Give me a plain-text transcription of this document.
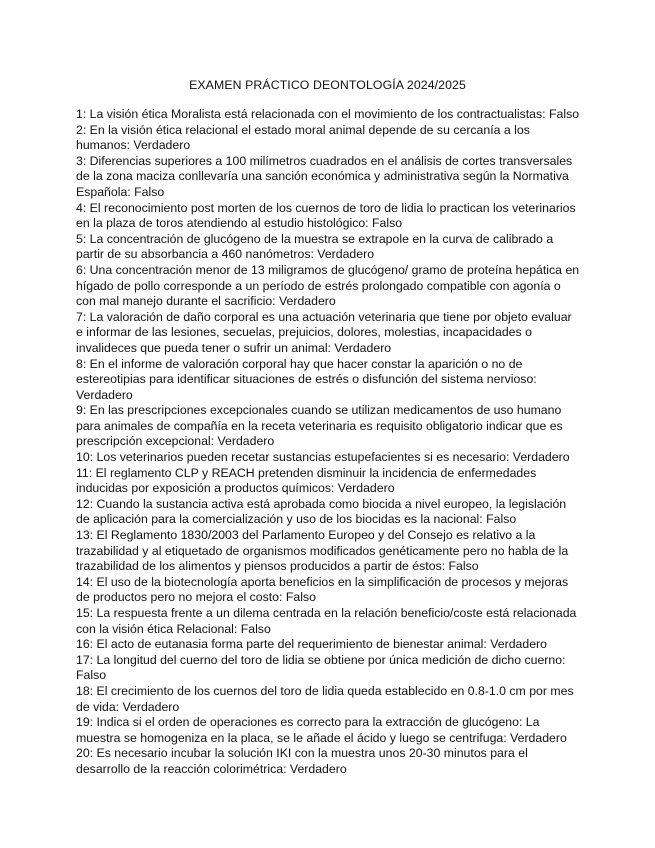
EXAMEN PRÁCTICO DEONTOLOGÍA 2024/2025
1: La visión ética Moralista está relacionada con el movimiento de los contractualistas: Falso
2: En la visión ética relacional el estado moral animal depende de su cercanía a los humanos: Verdadero
3: Diferencias superiores a 100 milímetros cuadrados en el análisis de cortes transversales de la zona maciza conllevaría una sanción económica y administrativa según la Normativa Española: Falso
4: El reconocimiento post morten de los cuernos de toro de lidia lo practican los veterinarios en la plaza de toros atendiendo al estudio histológico: Falso
5: La concentración de glucógeno de la muestra se extrapole en la curva de calibrado a partir de su absorbancia a 460 nanómetros: Verdadero
6: Una concentración menor de 13 miligramos de glucógeno/ gramo de proteína hepática en hígado de pollo corresponde a un período de estrés prolongado compatible con agonía o con mal manejo durante el sacrificio: Verdadero
7: La valoración de daño corporal es una actuación veterinaria que tiene por objeto evaluar e informar de las lesiones, secuelas, prejuicios, dolores, molestias, incapacidades o invalideces que pueda tener o sufrir un animal: Verdadero
8: En el informe de valoración corporal hay que hacer constar la aparición o no de estereotipias para identificar situaciones de estrés o disfunción del sistema nervioso: Verdadero
9: En las prescripciones excepcionales cuando se utilizan medicamentos de uso humano para animales de compañía en la receta veterinaria es requisito obligatorio indicar que es prescripción excepcional: Verdadero
10: Los veterinarios pueden recetar sustancias estupefacientes si es necesario: Verdadero
11: El reglamento CLP y REACH pretenden disminuir la incidencia de enfermedades inducidas por exposición a productos químicos: Verdadero
12: Cuando la sustancia activa está aprobada como biocida a nivel europeo, la legislación de aplicación para la comercialización y uso de los biocidas es la nacional: Falso
13: El Reglamento 1830/2003 del Parlamento Europeo y del Consejo es relativo a la trazabilidad y al etiquetado de organismos modificados genéticamente pero no habla de la trazabilidad de los alimentos y piensos producidos a partir de éstos: Falso
14: El uso de la biotecnología aporta beneficios en la simplificación de procesos y mejoras de productos pero no mejora el costo: Falso
15: La respuesta frente a un dilema centrada en la relación beneficio/coste está relacionada con la visión ética Relacional: Falso
16: El acto de eutanasia forma parte del requerimiento de bienestar animal: Verdadero
17: La longitud del cuerno del toro de lidia se obtiene por única medición de dicho cuerno: Falso
18: El crecimiento de los cuernos del toro de lidia queda establecido en 0.8-1.0 cm por mes de vida: Verdadero
19: Indica si el orden de operaciones es correcto para la extracción de glucógeno: La muestra se homogeniza en la placa, se le añade el ácido y luego se centrifuga: Verdadero
20: Es necesario incubar la solución IKI con la muestra unos 20-30 minutos para el desarrollo de la reacción colorimétrica: Verdadero
